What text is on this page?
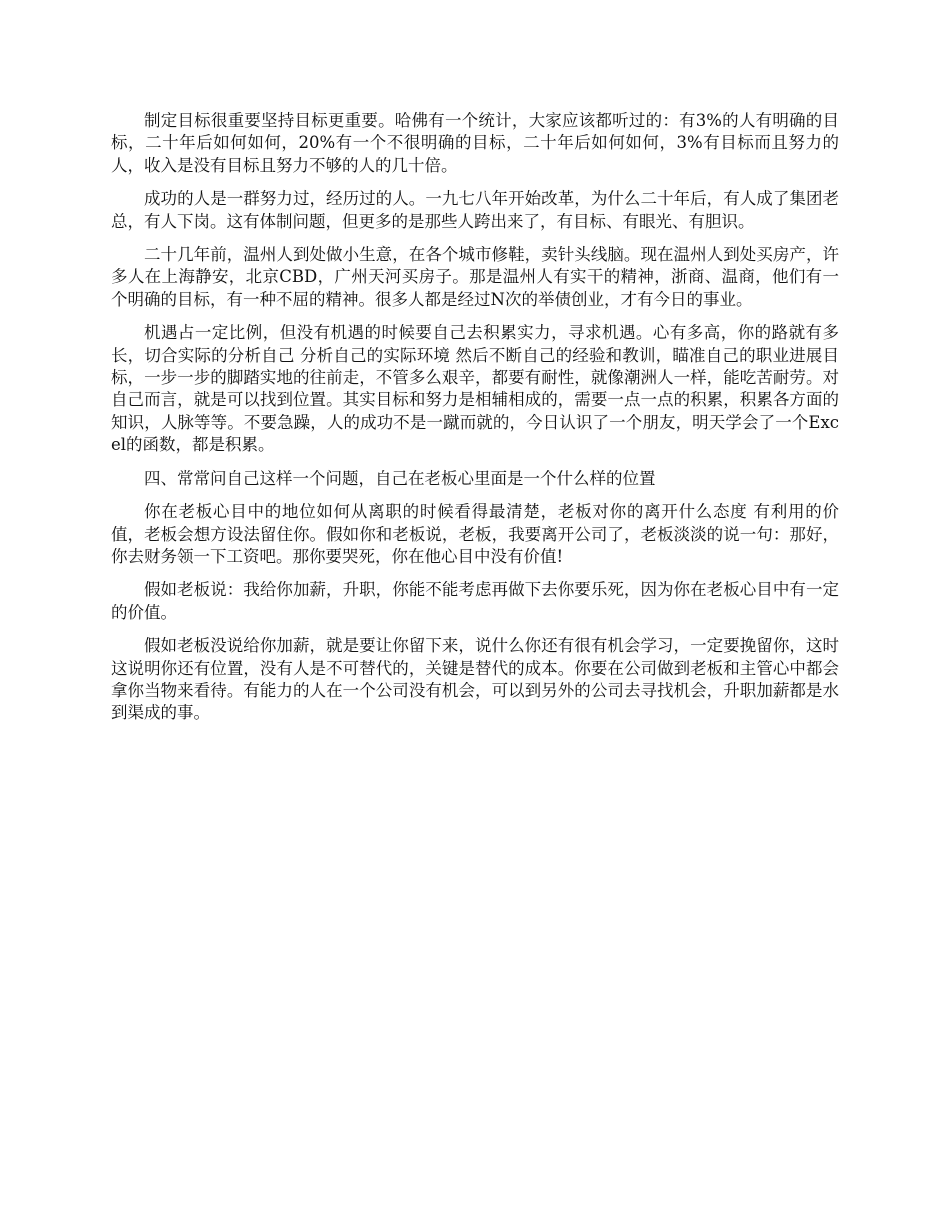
制定目标很重要坚持目标更重要。哈佛有一个统计，大家应该都听过的：有3%的人有明确的目标，二十年后如何如何，20%有一个不很明确的目标，二十年后如何如何，3%有目标而且努力的人，收入是没有目标且努力不够的人的几十倍。

成功的人是一群努力过，经历过的人。一九七八年开始改革，为什么二十年后，有人成了集团老总，有人下岗。这有体制问题，但更多的是那些人跨出来了，有目标、有眼光、有胆识。

二十几年前，温州人到处做小生意，在各个城市修鞋，卖针头线脑。现在温州人到处买房产，许多人在上海静安，北京CBD，广州天河买房子。那是温州人有实干的精神，浙商、温商，他们有一个明确的目标，有一种不屈的精神。很多人都是经过N次的举债创业，才有今日的事业。

机遇占一定比例，但没有机遇的时候要自己去积累实力，寻求机遇。心有多高，你的路就有多长，切合实际的分析自己 分析自己的实际环境 然后不断自己的经验和教训，瞄准自己的职业进展目标，一步一步的脚踏实地的往前走，不管多么艰辛，都要有耐性，就像潮洲人一样，能吃苦耐劳。对自己而言，就是可以找到位置。其实目标和努力是相辅相成的，需要一点一点的积累，积累各方面的知识，人脉等等。不要急躁，人的成功不是一蹴而就的，今日认识了一个朋友，明天学会了一个Excel的函数，都是积累。

四、常常问自己这样一个问题，自己在老板心里面是一个什么样的位置

你在老板心目中的地位如何从离职的时候看得最清楚，老板对你的离开什么态度 有利用的价值，老板会想方设法留住你。假如你和老板说，老板，我要离开公司了，老板淡淡的说一句：那好，你去财务领一下工资吧。那你要哭死，你在他心目中没有价值!

假如老板说：我给你加薪，升职，你能不能考虑再做下去你要乐死，因为你在老板心目中有一定的价值。

假如老板没说给你加薪，就是要让你留下来，说什么你还有很有机会学习，一定要挽留你，这时这说明你还有位置，没有人是不可替代的，关键是替代的成本。你要在公司做到老板和主管心中都会拿你当物来看待。有能力的人在一个公司没有机会，可以到另外的公司去寻找机会，升职加薪都是水到渠成的事。
